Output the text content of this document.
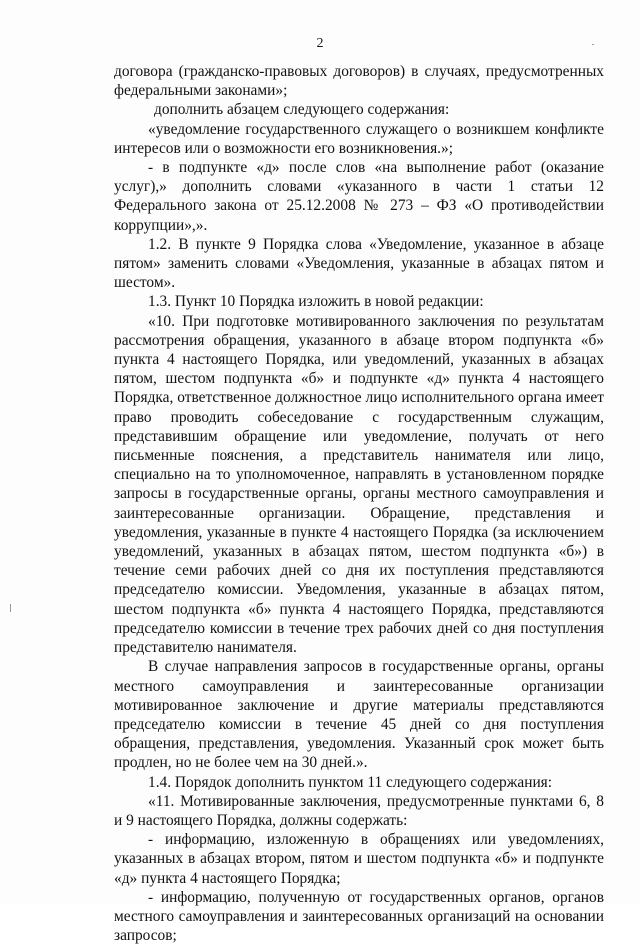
2

договора (гражданско-правовых договоров) в случаях, предусмотренных федеральными законами»;

дополнить абзацем следующего содержания:

«уведомление государственного служащего о возникшем конфликте интересов или о возможности его возникновения.»;

- в подпункте «д» после слов «на выполнение работ (оказание услуг),» дополнить словами «указанного в части 1 статьи 12 Федерального закона от 25.12.2008 № 273 – ФЗ «О противодействии коррупции»,».

1.2. В пункте 9 Порядка слова «Уведомление, указанное в абзаце пятом» заменить словами «Уведомления, указанные в абзацах пятом и шестом».

1.3. Пункт 10 Порядка изложить в новой редакции:

«10. При подготовке мотивированного заключения по результатам рассмотрения обращения, указанного в абзаце втором подпункта «б» пункта 4 настоящего Порядка, или уведомлений, указанных в абзацах пятом, шестом подпункта «б» и подпункте «д» пункта 4 настоящего Порядка, ответственное должностное лицо исполнительного органа имеет право проводить собеседование с государственным служащим, представившим обращение или уведомление, получать от него письменные пояснения, а представитель нанимателя или лицо, специально на то уполномоченное, направлять в установленном порядке запросы в государственные органы, органы местного самоуправления и заинтересованные организации. Обращение, представления и уведомления, указанные в пункте 4 настоящего Порядка (за исключением уведомлений, указанных в абзацах пятом, шестом подпункта «б») в течение семи рабочих дней со дня их поступления представляются председателю комиссии. Уведомления, указанные в абзацах пятом, шестом подпункта «б» пункта 4 настоящего Порядка, представляются председателю комиссии в течение трех рабочих дней со дня поступления представителю нанимателя.

В случае направления запросов в государственные органы, органы местного самоуправления и заинтересованные организации мотивированное заключение и другие материалы представляются председателю комиссии в течение 45 дней со дня поступления обращения, представления, уведомления. Указанный срок может быть продлен, но не более чем на 30 дней.».

1.4. Порядок дополнить пунктом 11 следующего содержания:

«11. Мотивированные заключения, предусмотренные пунктами 6, 8 и 9 настоящего Порядка, должны содержать:

- информацию, изложенную в обращениях или уведомлениях, указанных в абзацах втором, пятом и шестом подпункта «б» и подпункте «д» пункта 4 настоящего Порядка;

- информацию, полученную от государственных органов, органов местного самоуправления и заинтересованных организаций на основании запросов;
